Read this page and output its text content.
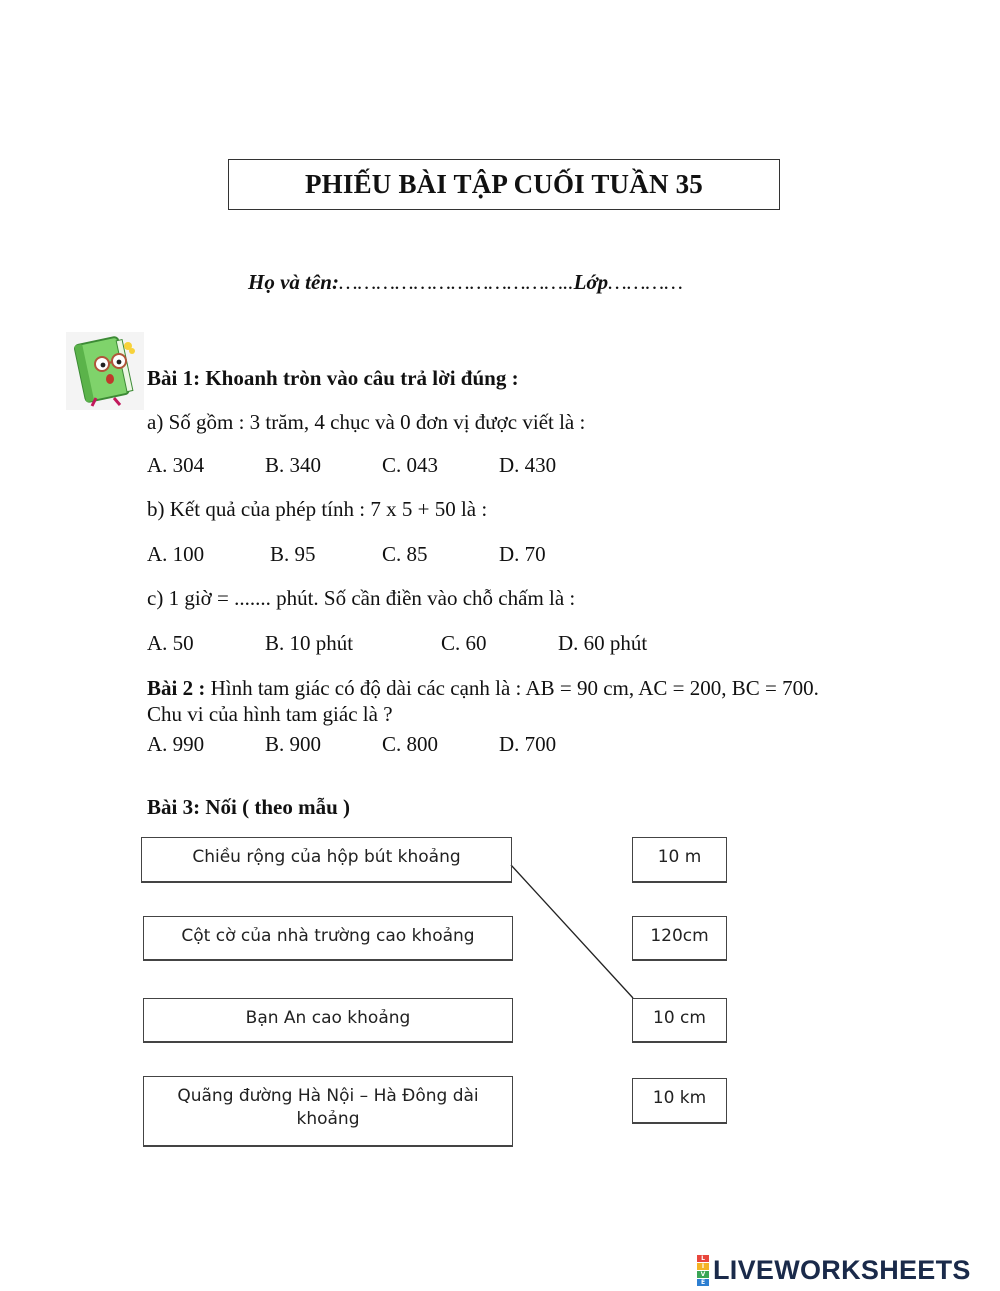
PHIẾU BÀI TẬP CUỐI TUẦN 35
Họ và tên:………………………………..Lớp…………
Bài 1: Khoanh tròn vào câu trả lời đúng :
a) Số gồm : 3 trăm, 4 chục và 0 đơn vị được viết là :
A. 304	B. 340	C. 043	D. 430
b) Kết quả của phép tính : 7 x 5 + 50 là :
A. 100	B. 95	C. 85	D. 70
c) 1 giờ = ....... phút. Số cần điền vào chỗ chấm là :
A. 50	B. 10 phút	C. 60	D. 60 phút
Bài 2 : Hình tam giác có độ dài các cạnh là : AB = 90 cm, AC = 200, BC = 700.
Chu vi của hình tam giác là ?
A. 990	B. 900	C. 800	D. 700
Bài 3: Nối ( theo mẫu )
Chiều rộng của hộp bút khoảng
Cột cờ của nhà trường cao khoảng
Bạn An cao khoảng
Quãng đường Hà Nội – Hà Đông dài khoảng
10 m
120cm
10 cm
10 km
L
I
V
E LIVEWORKSHEETS
